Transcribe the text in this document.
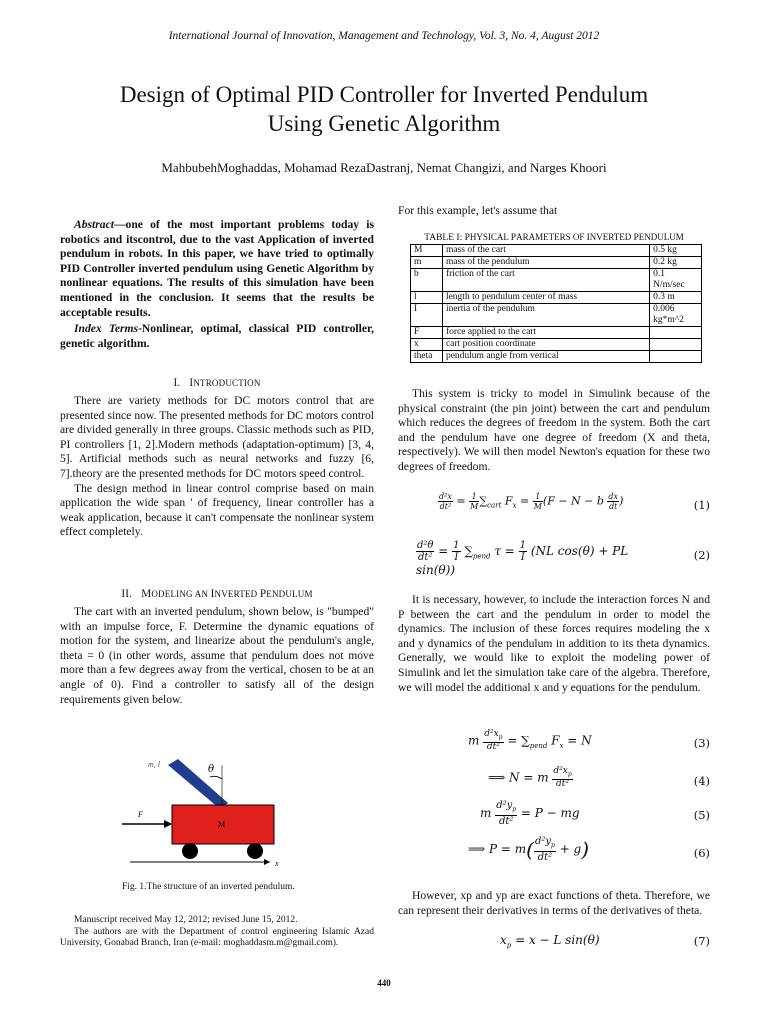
International Journal of Innovation, Management and Technology, Vol. 3, No. 4, August 2012
Design of Optimal PID Controller for Inverted Pendulum
Using Genetic Algorithm
MahbubehMoghaddas, Mohamad RezaDastranj, Nemat Changizi, and Narges Khoori

Abstract—one of the most important problems today is robotics and itscontrol, due to the vast Application of inverted pendulum in robots. In this paper, we have tried to optimally PID Controller inverted pendulum using Genetic Algorithm by nonlinear equations. The results of this simulation have been mentioned in the conclusion. It seems that the results be acceptable results.

Index Terms-Nonlinear, optimal, classical PID controller, genetic algorithm.

I. INTRODUCTION

There are variety methods for DC motors control that are presented since now. The presented methods for DC motors control are divided generally in three groups. Classic methods such as PID, PI controllers [1, 2].Modern methods (adaptation-optimum) [3, 4, 5]. Artificial methods such as neural networks and fuzzy [6, 7].theory are the presented methods for DC motors speed control.

The design method in linear control comprise based on main application the wide span ' of frequency, linear controller has a weak application, because it can't compensate the nonlinear system effect completely.

II. MODELING AN INVERTED PENDULUM

The cart with an inverted pendulum, shown below, is "bumped" with an impulse force, F. Determine the dynamic equations of motion for the system, and linearize about the pendulum's angle, theta = 0 (in other words, assume that pendulum does not move more than a few degrees away from the vertical, chosen to be at an angle of 0). Find a controller to satisfy all of the design requirements given below.

x
m, l	θ
M
F
Fig. 1.The structure of an inverted pendulum.

Manuscript received May 12, 2012; revised June 15, 2012.

The authors are with the Department of control engineering Islamic Azad University, Gonabad Branch, Iran (e-mail: moghaddasm.m@gmail.com).

For this example, let's assume that
TABLE I: PHYSICAL PARAMETERS OF INVERTED PENDULUM
M	mass of the cart	0.5 kg
m	mass of the pendulum	0.2 kg
b	friction of the cart	0.1 N/m/sec
l	length to pendulum center of mass	0.3 m
I	inertia of the pendulum	0.006 kg*m^2
F	force applied to the cart	
x	cart position coordinate	
theta	pendulum angle from vertical	

This system is tricky to model in Simulink because of the physical constraint (the pin joint) between the cart and pendulum which reduces the degrees of freedom in the system. Both the cart and the pendulum have one degree of freedom (X and theta, respectively). We will then model Newton's equation for these two degrees of freedom.

$\frac{\text{d²x}}{\text{dt²}} = \frac{1}{M} \sum_{cart}$ $F_x = \frac{1}{M} (F - N - b \frac{dx}{dt}$ )	(1)
$\frac{\text{d²θ}}{\text{dt²}} = \frac{1}{I} \sum_{pend}$ $\tau = \frac{1}{I} (NL$ cos(θ) + PL sin(θ))
(2)

It is necessary, however, to include the interaction forces N and P between the cart and the pendulum in order to model the dynamics. The inclusion of these forces requires modeling the x and y dynamics of the pendulum in addition to its theta dynamics. Generally, we would like to exploit the modeling power of Simulink and let the simulation take care of the algebra. Therefore, we will model the additional x and y equations for the pendulum.

m $\frac{d^2x_p}{\text{dt²}} = \sum_{pend}$ $F_x = N$	(3)
⟹ N = m $\frac{d^2x_p}{\text{dt²}}$	(4)
m $\frac{d^2y_p}{\text{dt²}} = P$ − mg	(5)
⟹ $P = m( \frac{d^2y_p}{\text{dt²}} + g)$	(6)

However, xp and yp are exact functions of theta. Therefore, we can represent their derivatives in terms of the derivatives of theta.

$x_p = x - L$ sin(θ)	(7)
440
